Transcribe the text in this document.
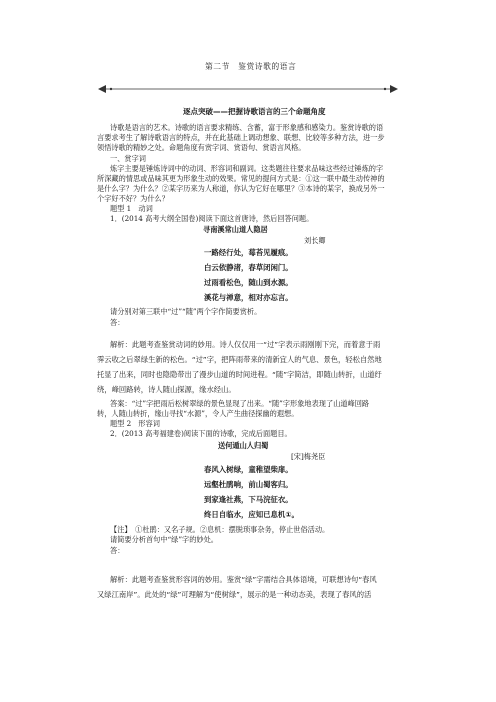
第二节　鉴赏诗歌的语言
逐点突破——把握诗歌语言的三个命题角度
诗歌是语言的艺术。诗歌的语言要求精练、含蓄，富于形象感和感染力。鉴赏诗歌的语
言要求考生了解诗歌语言的特点，并在此基础上调动想象、联想、比较等多种方法，进一步
领悟诗歌的精妙之处。命题角度有赏字词、赏语句、赏语言风格。
一、赏字词
炼字主要是锤炼诗词中的动词、形容词和副词。这类题往往要求品味这些经过锤炼的字
所深藏的情思或品味其更为形象生动的效果。常见的提问方式是：①这一联中最生动传神的
是什么字？为什么？②某字历来为人称道，你认为它好在哪里？③本诗的某字，换成另外一
个字好不好？为什么？
题型 1　动词
1．(2014 高考大纲全国卷)阅读下面这首唐诗，然后回答问题。
寻南溪常山道人隐居
刘长卿
一路经行处，莓苔见履痕。
白云依静渚，春草闭闲门。
过雨看松色，随山到水源。
溪花与禅意，相对亦忘言。
请分别对第三联中“过”“随”两个字作简要赏析。
答：
解析：此题考查鉴赏动词的妙用。诗人仅仅用一“过”字表示雨刚刚下完，而着意于雨
霁云收之后翠绿生新的松色。“过”字，把阵雨带来的清新宜人的气息、景色，轻松自然地
托显了出来，同时也隐隐带出了漫步山道的时间进程。“随”字简洁，即随山转折，山道纡
绕，峰回路转，诗人随山探源，缘水经山。
答案：“过”字把雨后松树翠绿的景色显现了出来。“随”字形象地表现了山道峰回路
转，人随山转折，缘山寻找“水源”，令人产生曲径探幽的遐想。
题型 2　形容词
2．(2013 高考福建卷)阅读下面的诗歌，完成后面题目。
送何遁山人归蜀
[宋]梅尧臣
春风入树绿，童稚望柴扉。
远壑杜鹃响，前山蜀客归。
到家逢社燕，下马浣征衣。
终日自临水，应知已息机①。
【注】　①杜鹃：又名子规。②息机：摆脱琐事杂务，停止世俗活动。
请简要分析首句中“绿”字的妙处。
答：
解析：此题考查鉴赏形容词的妙用。鉴赏“绿”字需结合具体语境，可联想诗句“春风
又绿江南岸”。此处的“绿”可理解为“使树绿”，展示的是一种动态美，表现了春风的活
